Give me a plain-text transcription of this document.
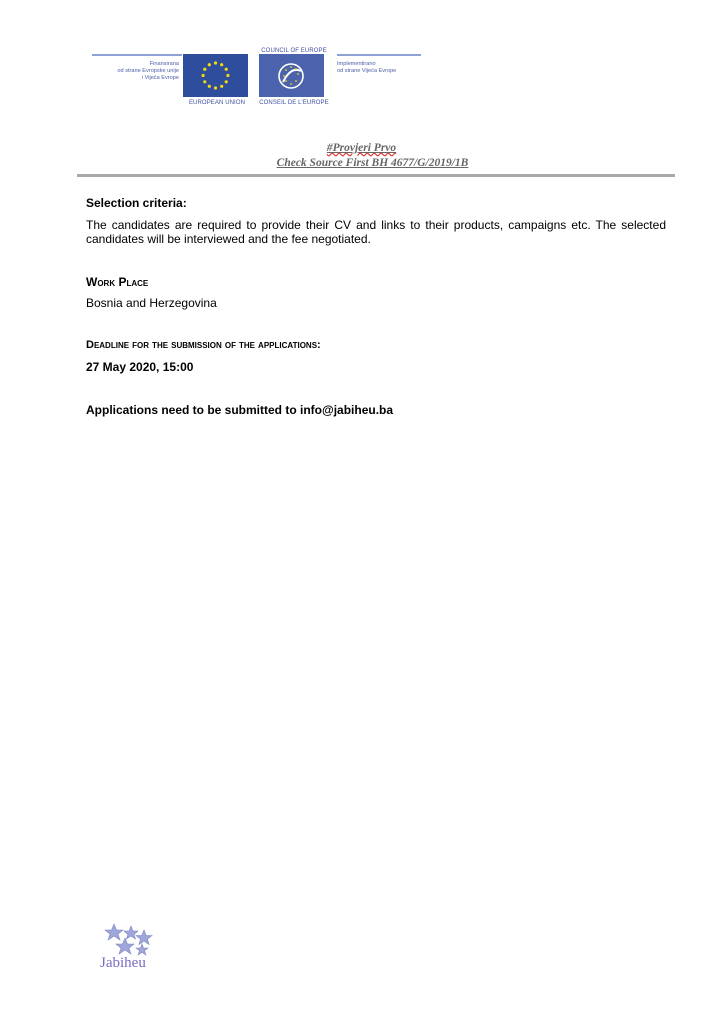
Finansirana
od strane Evropske unije
i Vijeća Evrope
EUROPEAN UNION
COUNCIL OF EUROPE
CONSEIL DE L'EUROPE
Implementirano
od strane Vijeća Evrope
#Provjeri Prvo
Check Source First BH 4677/G/2019/1B
Selection criteria:
The candidates are required to provide their CV and links to their products, campaigns etc. The selected candidates will be interviewed and the fee negotiated.
Work Place
Bosnia and Herzegovina
Deadline for the submission of the applications:
27 May 2020, 15:00
Applications need to be submitted to info@jabiheu.ba
Jabiheu
